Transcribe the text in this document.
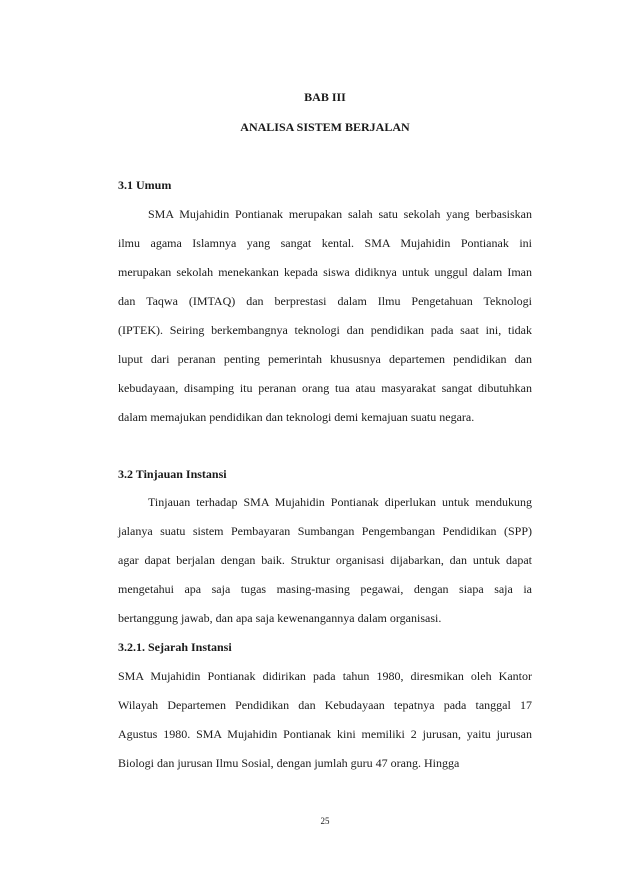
BAB III
ANALISA SISTEM BERJALAN
3.1 Umum
SMA Mujahidin Pontianak merupakan salah satu sekolah yang berbasiskan
ilmu agama Islamnya yang sangat kental. SMA Mujahidin Pontianak ini
merupakan sekolah menekankan kepada siswa didiknya untuk unggul dalam Iman
dan Taqwa (IMTAQ) dan berprestasi dalam Ilmu Pengetahuan Teknologi
(IPTEK). Seiring berkembangnya teknologi dan pendidikan pada saat ini, tidak
luput dari peranan penting pemerintah khususnya departemen pendidikan dan
kebudayaan, disamping itu peranan orang tua atau masyarakat sangat dibutuhkan
dalam memajukan pendidikan dan teknologi demi kemajuan suatu negara.
3.2 Tinjauan Instansi
Tinjauan terhadap SMA Mujahidin Pontianak diperlukan untuk mendukung
jalanya suatu sistem Pembayaran Sumbangan Pengembangan Pendidikan (SPP)
agar dapat berjalan dengan baik. Struktur organisasi dijabarkan, dan untuk dapat
mengetahui apa saja tugas masing-masing pegawai, dengan siapa saja ia
bertanggung jawab, dan apa saja kewenangannya dalam organisasi.
3.2.1. Sejarah Instansi
SMA Mujahidin Pontianak didirikan pada tahun 1980, diresmikan oleh Kantor
Wilayah Departemen Pendidikan dan Kebudayaan tepatnya pada tanggal 17
Agustus 1980. SMA Mujahidin Pontianak kini memiliki 2 jurusan, yaitu jurusan
Biologi dan jurusan Ilmu Sosial, dengan jumlah guru 47 orang. Hingga
25
